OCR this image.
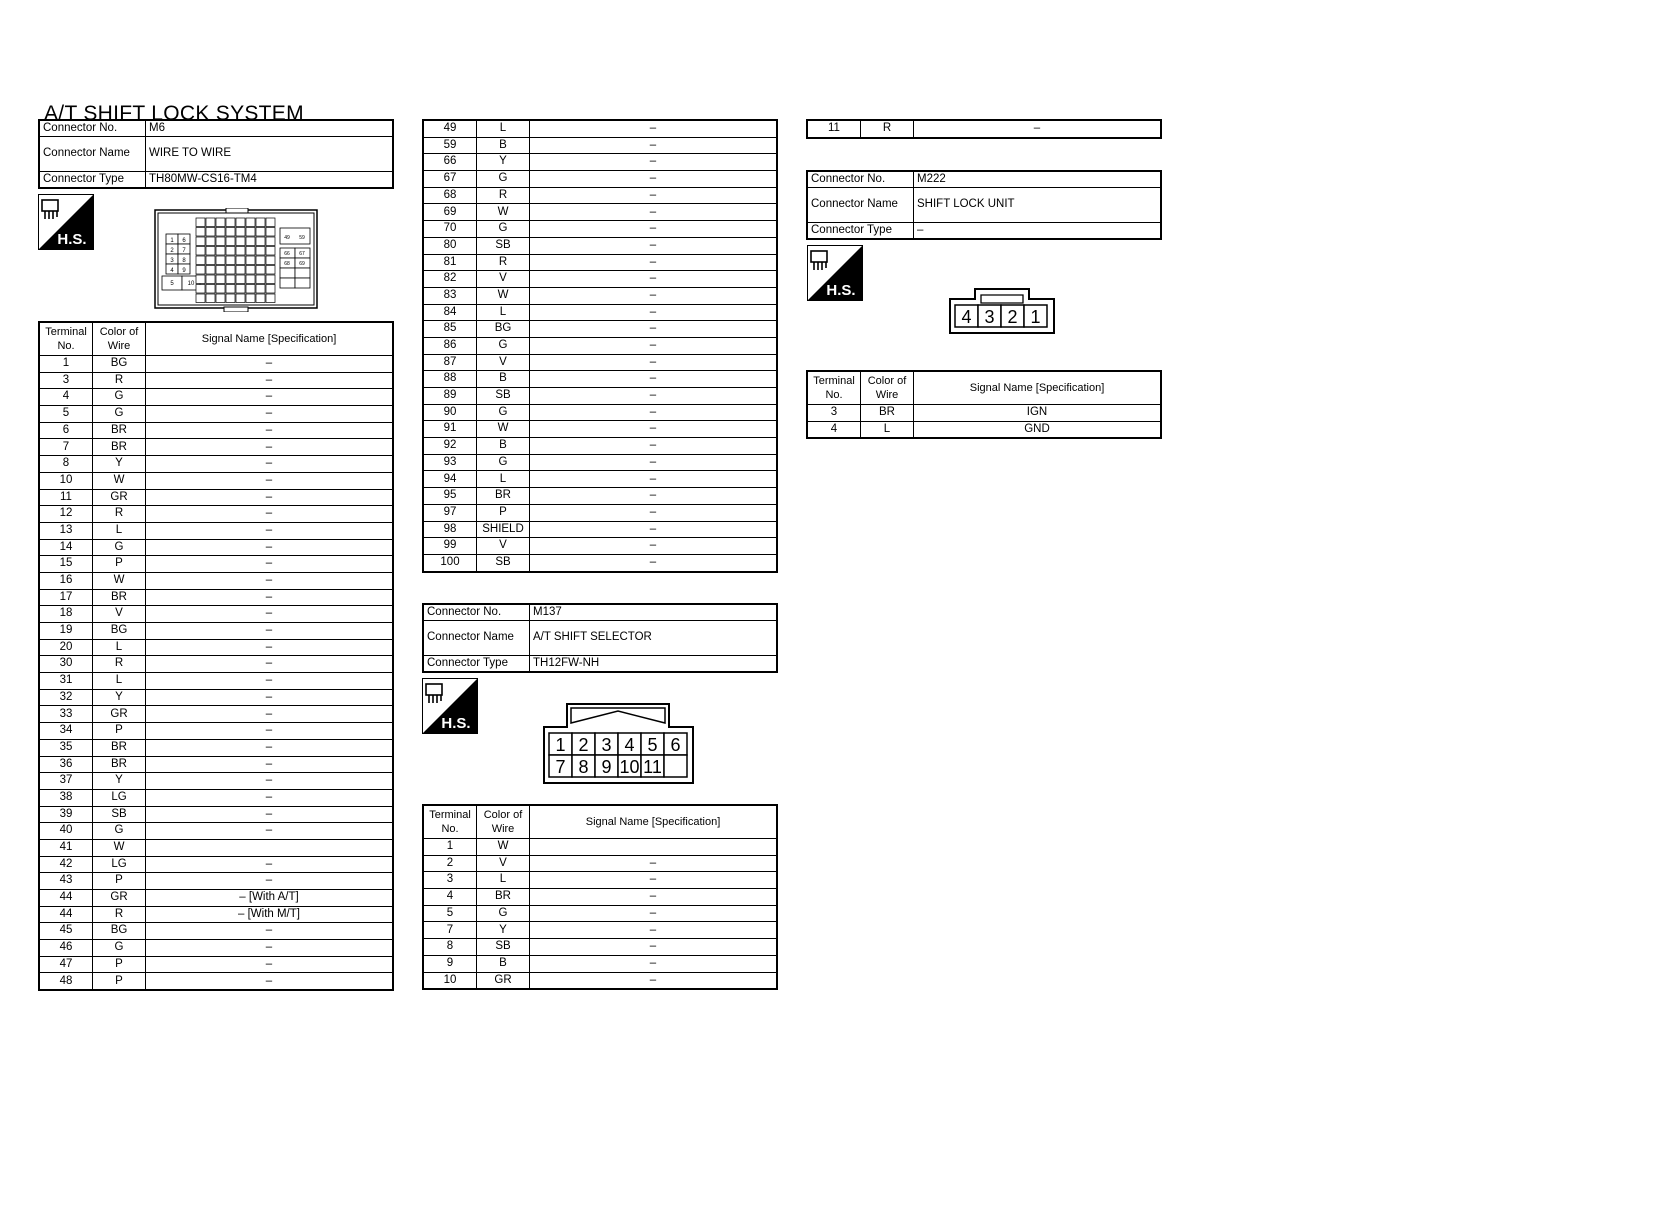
A/T SHIFT LOCK SYSTEM
Connector No.	M6
Connector Name	WIRE TO WIRE
Connector Type	TH80MW-CS16-TM4
H.S.	1 6
2 7
3 8
4 9
5 10
49 59
66 67
68 69
Terminal No.	Color of Wire	Signal Name [Specification]
1	BG	–
3	R	–
4	G	–
5	G	–
6	BR	–
7	BR	–
8	Y	–
10	W	–
11	GR	–
12	R	–
13	L	–
14	G	–
15	P	–
16	W	–
17	BR	–
18	V	–
19	BG	–
20	L	–
30	R	–
31	L	–
32	Y	–
33	GR	–
34	P	–
35	BR	–
36	BR	–
37	Y	–
38	LG	–
39	SB	–
40	G	–
41	W	
42	LG	–
43	P	–
44	GR	– [With A/T]
44	R	– [With M/T]
45	BG	–
46	G	–
47	P	–
48	P	–
49	L	–
59	B	–
66	Y	–
67	G	–
68	R	–
69	W	–
70	G	–
80	SB	–
81	R	–
82	V	–
83	W	–
84	L	–
85	BG	–
86	G	–
87	V	–
88	B	–
89	SB	–
90	G	–
91	W	–
92	B	–
93	G	–
94	L	–
95	BR	–
97	P	–
98	SHIELD	–
99	V	–
100	SB	–
Connector No.	M137
Connector Name	A/T SHIFT SELECTOR
Connector Type	TH12FW-NH
H.S.
1 2 3 4 5 6
7 8 9 10 11
Terminal No.	Color of Wire	Signal Name [Specification]
1	W	
2	V	–
3	L	–
4	BR	–
5	G	–
7	Y	–
8	SB	–
9	B	–
10	GR	–
11	R	–
Connector No.	M222
Connector Name	SHIFT LOCK UNIT
Connector Type	–
H.S.
4 3 2 1
Terminal No.	Color of Wire	Signal Name [Specification]
3	BR	IGN
4	L	GND
